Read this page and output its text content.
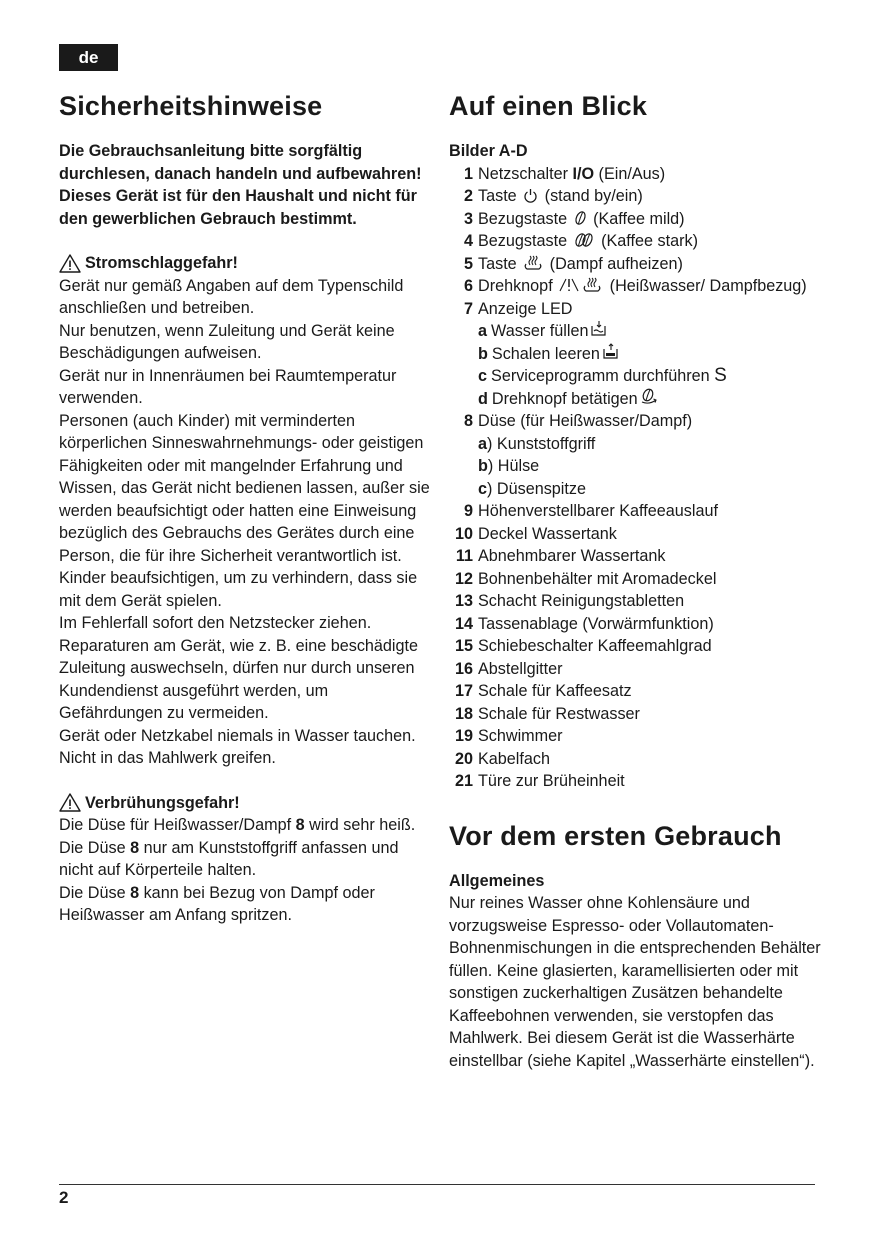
de
Sicherheitshinweise

Die Gebrauchsanleitung bitte sorgfältig durchlesen, danach handeln und aufbewahren!

Dieses Gerät ist für den Haushalt und nicht für den gewerblichen Gebrauch bestimmt.

Stromschlaggefahr!

Gerät nur gemäß Angaben auf dem Typenschild anschließen und betreiben.

Nur benutzen, wenn Zuleitung und Gerät keine Beschädigungen aufweisen.

Gerät nur in Innenräumen bei Raumtemperatur verwenden.

Personen (auch Kinder) mit verminderten körperlichen Sinneswahrnehmungs- oder geistigen Fähigkeiten oder mit mangelnder Erfahrung und Wissen, das Gerät nicht bedienen lassen, außer sie werden beaufsichtigt oder hatten eine Einweisung bezüglich des Gebrauchs des Gerätes durch eine Person, die für ihre Sicherheit verantwortlich ist.

Kinder beaufsichtigen, um zu verhindern, dass sie mit dem Gerät spielen.

Im Fehlerfall sofort den Netzstecker ziehen.

Reparaturen am Gerät, wie z. B. eine beschädigte Zuleitung auswechseln, dürfen nur durch unseren Kundendienst ausgeführt werden, um Gefährdungen zu vermeiden.

Gerät oder Netzkabel niemals in Wasser tauchen.

Nicht in das Mahlwerk greifen.

Verbrühungsgefahr!

Die Düse für Heißwasser/Dampf 8 wird sehr heiß. Die Düse 8 nur am Kunststoffgriff anfassen und nicht auf Körperteile halten.

Die Düse 8 kann bei Bezug von Dampf oder Heißwasser am Anfang spritzen.

Auf einen Blick

Bilder A-D

1 Netzschalter I/O (Ein/Aus)
2 Taste  (stand by/ein)
3 Bezugstaste  (Kaffee mild)
4 Bezugstaste  (Kaffee stark)
5 Taste  (Dampf aufheizen)
6 Drehknopf	(Heißwasser/ Dampfbezug)
7 Anzeige LED
a Wasser füllen
b Schalen leeren
c Serviceprogramm durchführen
S
d Drehknopf betätigen
8 Düse (für Heißwasser/Dampf)
a ) Kunststoffgriff
b ) Hülse
c ) Düsenspitze
9 Höhenverstellbarer Kaffeeauslauf
10 Deckel Wassertank
11 Abnehmbarer Wassertank
12 Bohnenbehälter mit Aromadeckel
13 Schacht Reinigungstabletten
14 Tassenablage (Vorwärmfunktion)
15 Schiebeschalter Kaffeemahlgrad
16 Abstellgitter
17 Schale für Kaffeesatz
18 Schale für Restwasser
19 Schwimmer
20 Kabelfach
21 Türe zur Brüheinheit
Vor dem ersten Gebrauch

Allgemeines

Nur reines Wasser ohne Kohlensäure und vorzugsweise Espresso- oder Vollautomaten-Bohnenmischungen in die entsprechenden Behälter füllen. Keine glasierten, karamellisierten oder mit sonstigen zuckerhaltigen Zusätzen behandelte Kaffeebohnen verwenden, sie verstopfen das Mahlwerk. Bei diesem Gerät ist die Wasserhärte einstellbar (siehe Kapitel „Wasserhärte einstellen“).

2
